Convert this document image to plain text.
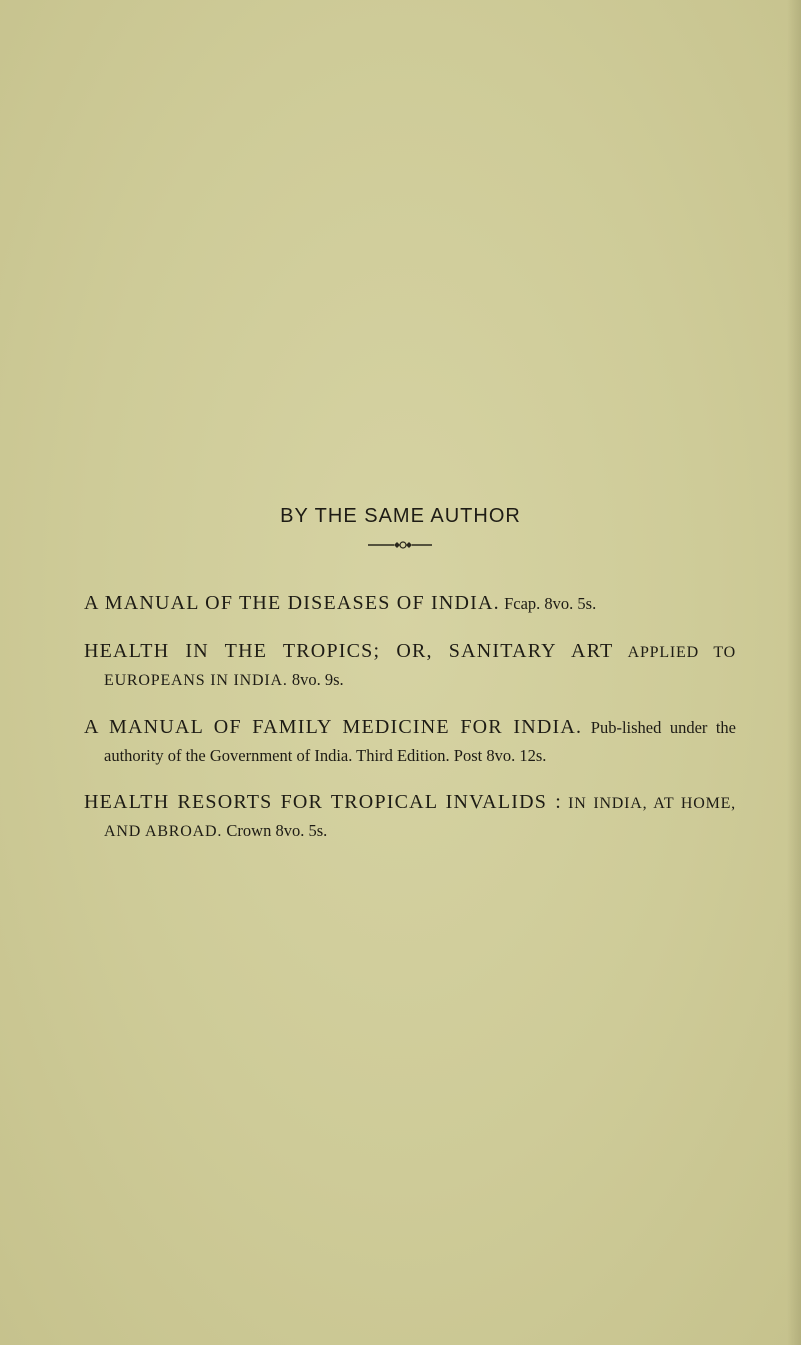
BY THE SAME AUTHOR

A MANUAL OF THE DISEASES OF INDIA. Fcap. 8vo. 5s.

HEALTH IN THE TROPICS; OR, SANITARY ART APPLIED TO EUROPEANS IN INDIA. 8vo. 9s.

A MANUAL OF FAMILY MEDICINE FOR INDIA. Pub-lished under the authority of the Government of India. Third Edition. Post 8vo. 12s.

HEALTH RESORTS FOR TROPICAL INVALIDS : IN INDIA, AT HOME, AND ABROAD. Crown 8vo. 5s.
